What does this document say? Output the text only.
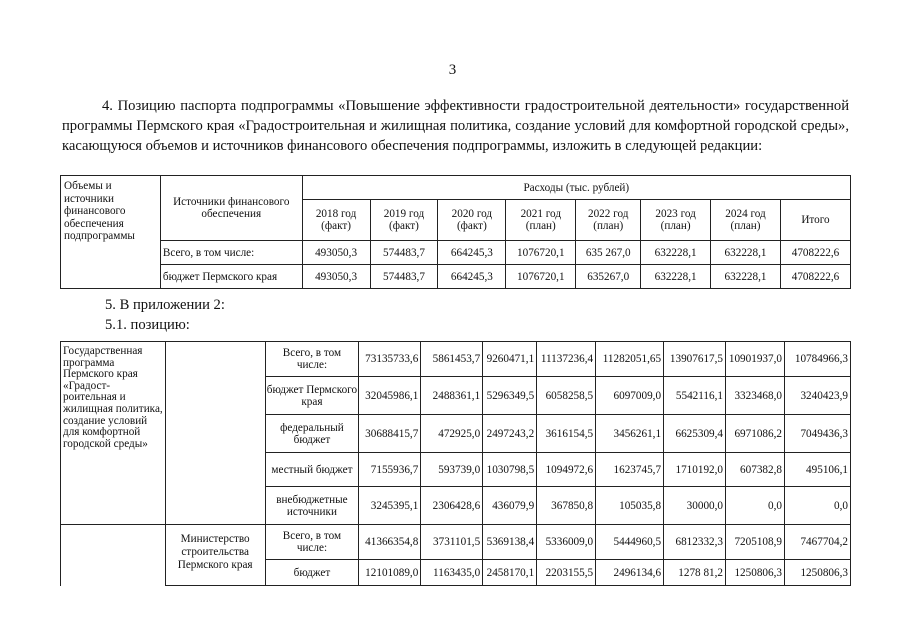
3
4. Позицию паспорта подпрограммы «Повышение эффективности градостроительной деятельности» государственной программы Пермского края «Градостроительная и жилищная политика, создание условий для комфортной городской среды», касающуюся объемов и источников финансового обеспечения подпрограммы, изложить в следующей редакции:
Объемы и источники финансового обеспечения подпрограммы	Источники финансового обеспечения	Расходы (тыс. рублей)							
		2018 год (факт)	2019 год (факт)	2020 год (факт)	2021 год (план)	2022 год (план)	2023 год (план)	2024 год (план)	Итого
	Всего, в том числе:	493050,3	574483,7	664245,3	1076720,1	635 267,0	632228,1	632228,1	4708222,6
	бюджет Пермского края	493050,3	574483,7	664245,3	1076720,1	635267,0	632228,1	632228,1	4708222,6
5. В приложении 2:
5.1. позицию:
Государственная программа Пермского края «Градост-роительная и жилищная политика, создание условий для комфортной городской среды»		Всего, в том числе:	73135733,6	5861453,7	9260471,1	11137236,4	11282051,65	13907617,5	10901937,0	10784966,3
		бюджет Пермского края	32045986,1	2488361,1	5296349,5	6058258,5	6097009,0	5542116,1	3323468,0	3240423,9
		федеральный бюджет	30688415,7	472925,0	2497243,2	3616154,5	3456261,1	6625309,4	6971086,2	7049436,3
		местный бюджет	7155936,7	593739,0	1030798,5	1094972,6	1623745,7	1710192,0	607382,8	495106,1
		внебюджетные источники	3245395,1	2306428,6	436079,9	367850,8	105035,8	30000,0	0,0	0,0
	Министерство строительства Пермского края	Всего, в том числе:	41366354,8	3731101,5	5369138,4	5336009,0	5444960,5	6812332,3	7205108,9	7467704,2
		бюджет	12101089,0	1163435,0	2458170,1	2203155,5	2496134,6	1278 81,2	1250806,3	1250806,3
